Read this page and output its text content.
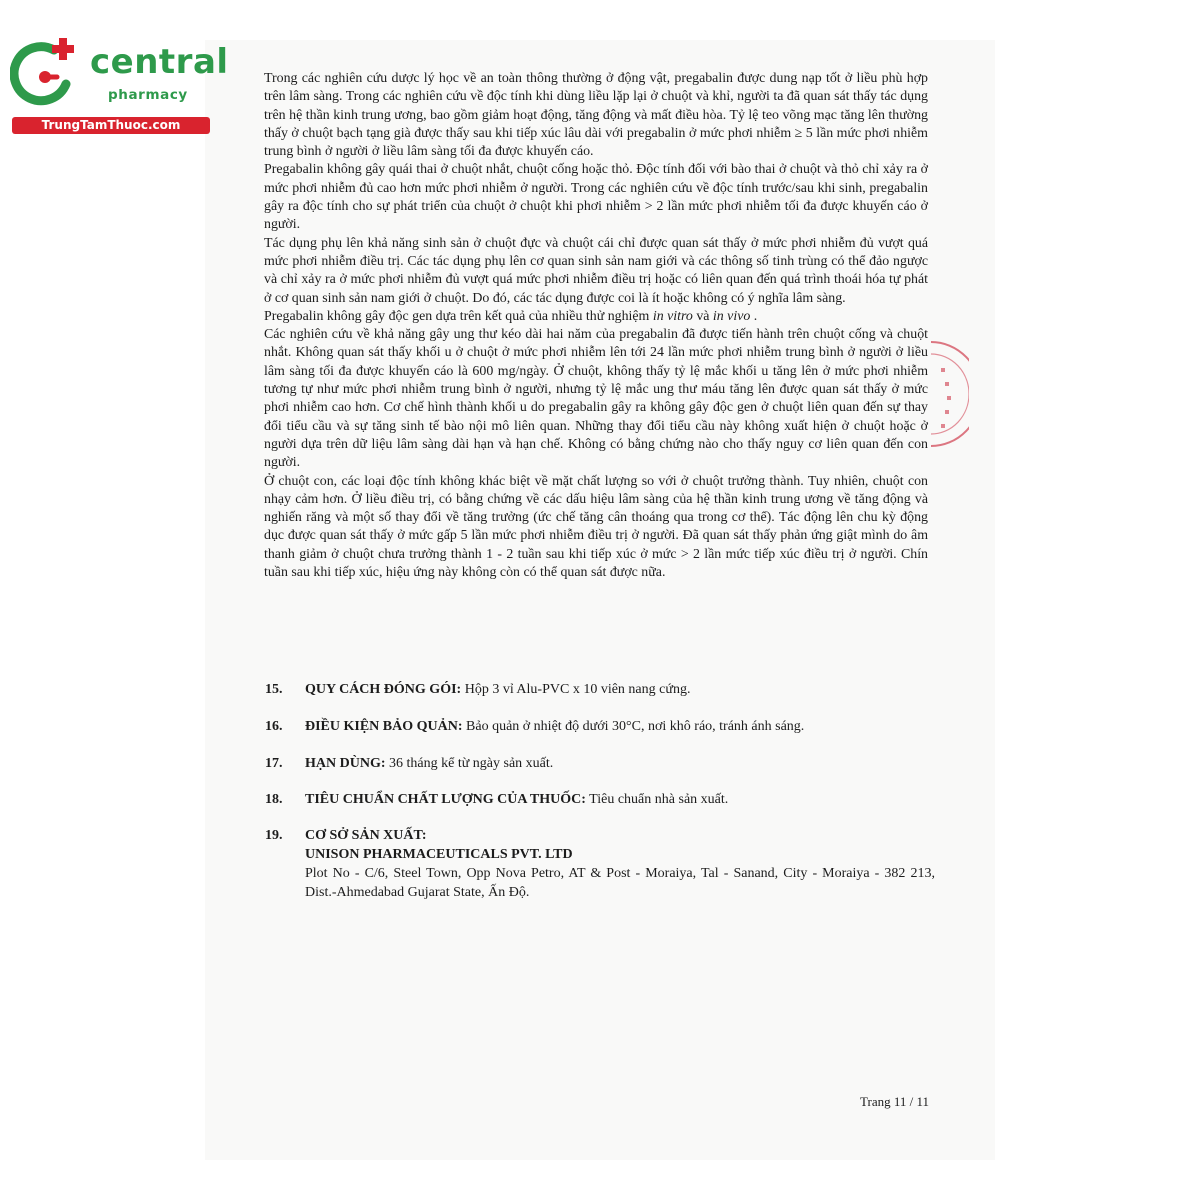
central
pharmacy
TrungTamThuoc.com

Trong các nghiên cứu dược lý học về an toàn thông thường ở động vật, pregabalin được dung nạp tốt ở liều phù hợp trên lâm sàng. Trong các nghiên cứu về độc tính khi dùng liều lặp lại ở chuột và khỉ, người ta đã quan sát thấy tác dụng trên hệ thần kinh trung ương, bao gồm giảm hoạt động, tăng động và mất điều hòa. Tỷ lệ teo võng mạc tăng lên thường thấy ở chuột bạch tạng già được thấy sau khi tiếp xúc lâu dài với pregabalin ở mức phơi nhiễm ≥ 5 lần mức phơi nhiễm trung bình ở người ở liều lâm sàng tối đa được khuyến cáo.

Pregabalin không gây quái thai ở chuột nhắt, chuột cống hoặc thỏ. Độc tính đối với bào thai ở chuột và thỏ chỉ xảy ra ở mức phơi nhiễm đủ cao hơn mức phơi nhiễm ở người. Trong các nghiên cứu về độc tính trước/sau khi sinh, pregabalin gây ra độc tính cho sự phát triển của chuột ở chuột khi phơi nhiễm > 2 lần mức phơi nhiễm tối đa được khuyến cáo ở người.

Tác dụng phụ lên khả năng sinh sản ở chuột đực và chuột cái chỉ được quan sát thấy ở mức phơi nhiễm đủ vượt quá mức phơi nhiễm điều trị. Các tác dụng phụ lên cơ quan sinh sản nam giới và các thông số tinh trùng có thể đảo ngược và chỉ xảy ra ở mức phơi nhiễm đủ vượt quá mức phơi nhiễm điều trị hoặc có liên quan đến quá trình thoái hóa tự phát ở cơ quan sinh sản nam giới ở chuột. Do đó, các tác dụng được coi là ít hoặc không có ý nghĩa lâm sàng.

Pregabalin không gây độc gen dựa trên kết quả của nhiều thử nghiệm in vitro và in vivo .

Các nghiên cứu về khả năng gây ung thư kéo dài hai năm của pregabalin đã được tiến hành trên chuột cống và chuột nhắt. Không quan sát thấy khối u ở chuột ở mức phơi nhiễm lên tới 24 lần mức phơi nhiễm trung bình ở người ở liều lâm sàng tối đa được khuyến cáo là 600 mg/ngày. Ở chuột, không thấy tỷ lệ mắc khối u tăng lên ở mức phơi nhiễm tương tự như mức phơi nhiễm trung bình ở người, nhưng tỷ lệ mắc ung thư máu tăng lên được quan sát thấy ở mức phơi nhiễm cao hơn. Cơ chế hình thành khối u do pregabalin gây ra không gây độc gen ở chuột liên quan đến sự thay đổi tiểu cầu và sự tăng sinh tế bào nội mô liên quan. Những thay đổi tiểu cầu này không xuất hiện ở chuột hoặc ở người dựa trên dữ liệu lâm sàng dài hạn và hạn chế. Không có bằng chứng nào cho thấy nguy cơ liên quan đến con người.

Ở chuột con, các loại độc tính không khác biệt về mặt chất lượng so với ở chuột trưởng thành. Tuy nhiên, chuột con nhạy cảm hơn. Ở liều điều trị, có bằng chứng về các dấu hiệu lâm sàng của hệ thần kinh trung ương về tăng động và nghiến răng và một số thay đổi về tăng trưởng (ức chế tăng cân thoáng qua trong cơ thể). Tác động lên chu kỳ động dục được quan sát thấy ở mức gấp 5 lần mức phơi nhiễm điều trị ở người. Đã quan sát thấy phản ứng giật mình do âm thanh giảm ở chuột chưa trưởng thành 1 - 2 tuần sau khi tiếp xúc ở mức > 2 lần mức tiếp xúc điều trị ở người. Chín tuần sau khi tiếp xúc, hiệu ứng này không còn có thể quan sát được nữa.

15. QUY CÁCH ĐÓNG GÓI: Hộp 3 vỉ Alu-PVC x 10 viên nang cứng.
16. ĐIỀU KIỆN BẢO QUẢN: Bảo quản ở nhiệt độ dưới 30°C, nơi khô ráo, tránh ánh sáng.
17. HẠN DÙNG: 36 tháng kể từ ngày sản xuất.
18. TIÊU CHUẨN CHẤT LƯỢNG CỦA THUỐC: Tiêu chuẩn nhà sản xuất.
19. CƠ SỞ SẢN XUẤT:
UNISON PHARMACEUTICALS PVT. LTD
Plot No - C/6, Steel Town, Opp Nova Petro, AT & Post - Moraiya, Tal - Sanand, City - Moraiya - 382 213, Dist.-Ahmedabad Gujarat State, Ấn Độ.
Trang 11 / 11
